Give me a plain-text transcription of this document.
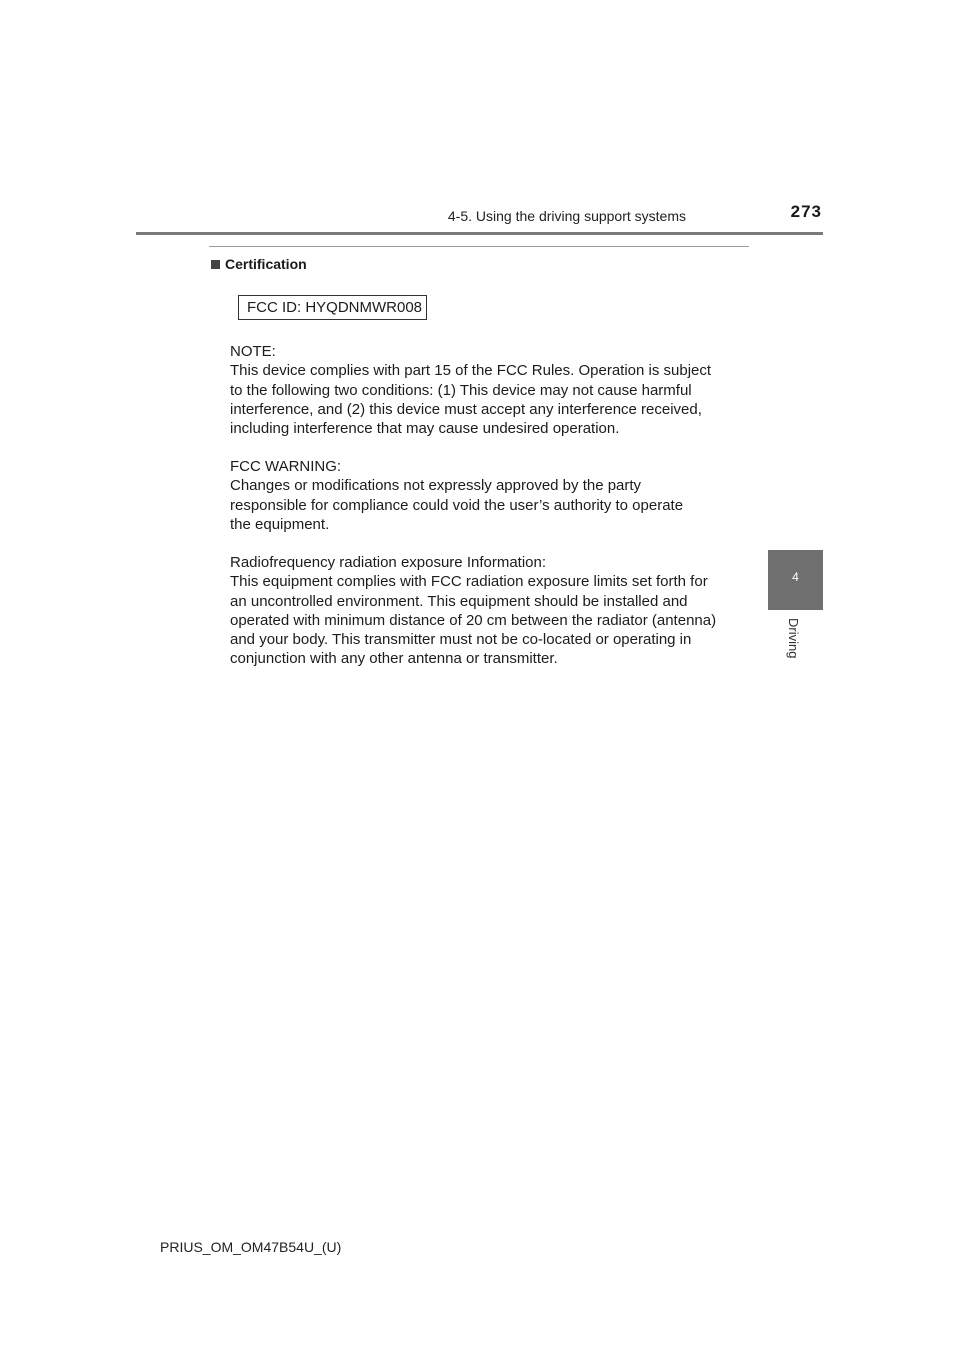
4-5. Using the driving support systems	273
Certification
FCC ID: HYQDNMWR008

NOTE:

This device complies with part 15 of the FCC Rules. Operation is subject

to the following two conditions: (1) This device may not cause harmful

interference, and (2) this device must accept any interference received,

including interference that may cause undesired operation.

FCC WARNING:

Changes or modifications not expressly approved by the party

responsible for compliance could void the user’s authority to operate

the equipment.

Radiofrequency radiation exposure Information:

This equipment complies with FCC radiation exposure limits set forth for

an uncontrolled environment. This equipment should be installed and

operated with minimum distance of 20 cm between the radiator (antenna)

and your body. This transmitter must not be co-located or operating in

conjunction with any other antenna or transmitter.

4
Driving
PRIUS_OM_OM47B54U_(U)
